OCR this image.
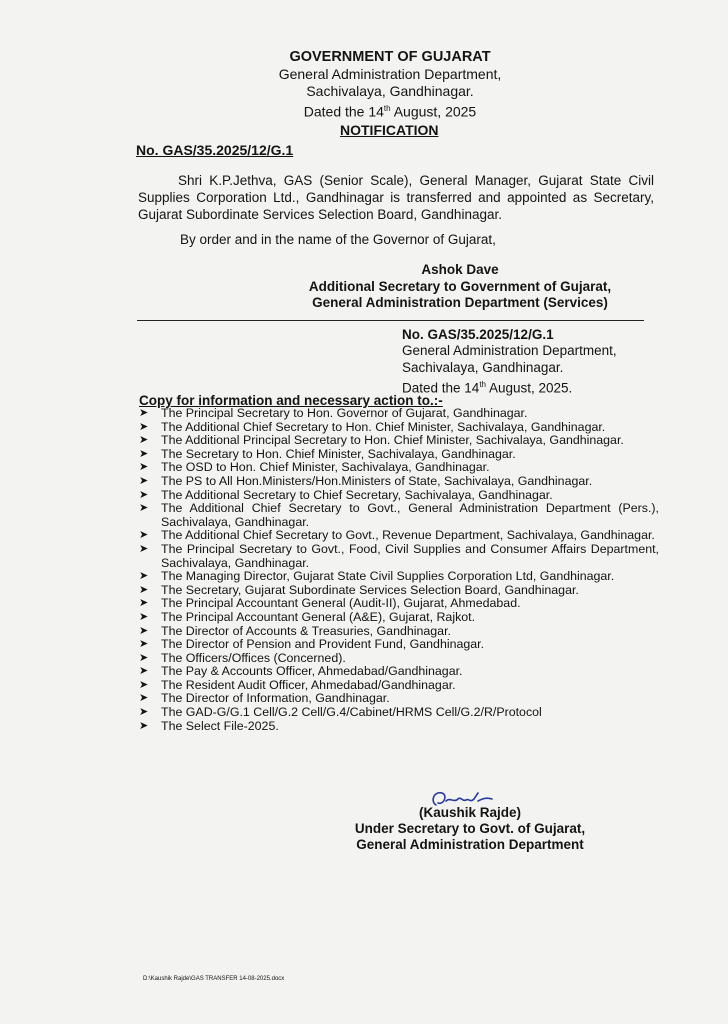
GOVERNMENT OF GUJARAT
General Administration Department,
Sachivalaya, Gandhinagar.
Dated the 14th August, 2025
NOTIFICATION
No. GAS/35.2025/12/G.1
Shri K.P.Jethva, GAS (Senior Scale), General Manager, Gujarat State Civil Supplies Corporation Ltd., Gandhinagar is transferred and appointed as Secretary, Gujarat Subordinate Services Selection Board, Gandhinagar.
By order and in the name of the Governor of Gujarat,
Ashok Dave
Additional Secretary to Government of Gujarat,
General Administration Department (Services)
No. GAS/35.2025/12/G.1
General Administration Department,
Sachivalaya, Gandhinagar.
Dated the 14th August, 2025.
Copy for information and necessary action to.:-
➤ The Principal Secretary to Hon. Governor of Gujarat, Gandhinagar.
➤ The Additional Chief Secretary to Hon. Chief Minister, Sachivalaya, Gandhinagar.
➤ The Additional Principal Secretary to Hon. Chief Minister, Sachivalaya, Gandhinagar.
➤ The Secretary to Hon. Chief Minister, Sachivalaya, Gandhinagar.
➤ The OSD to Hon. Chief Minister, Sachivalaya, Gandhinagar.
➤ The PS to All Hon.Ministers/Hon.Ministers of State, Sachivalaya, Gandhinagar.
➤ The Additional Secretary to Chief Secretary, Sachivalaya, Gandhinagar.
➤ The Additional Chief Secretary to Govt., General Administration Department (Pers.), Sachivalaya, Gandhinagar.
➤ The Additional Chief Secretary to Govt., Revenue Department, Sachivalaya, Gandhinagar.
➤ The Principal Secretary to Govt., Food, Civil Supplies and Consumer Affairs Department, Sachivalaya, Gandhinagar.
➤ The Managing Director, Gujarat State Civil Supplies Corporation Ltd, Gandhinagar.
➤ The Secretary, Gujarat Subordinate Services Selection Board, Gandhinagar.
➤ The Principal Accountant General (Audit-II), Gujarat, Ahmedabad.
➤ The Principal Accountant General (A&E), Gujarat, Rajkot.
➤ The Director of Accounts & Treasuries, Gandhinagar.
➤ The Director of Pension and Provident Fund, Gandhinagar.
➤ The Officers/Offices (Concerned).
➤ The Pay & Accounts Officer, Ahmedabad/Gandhinagar.
➤ The Resident Audit Officer, Ahmedabad/Gandhinagar.
➤ The Director of Information, Gandhinagar.
➤ The GAD-G/G.1 Cell/G.2 Cell/G.4/Cabinet/HRMS Cell/G.2/R/Protocol
➤ The Select File-2025.
(Kaushik Rajde)
Under Secretary to Govt. of Gujarat,
General Administration Department
D:\Kaushik Rajde\GAS TRANSFER 14-08-2025.docx
